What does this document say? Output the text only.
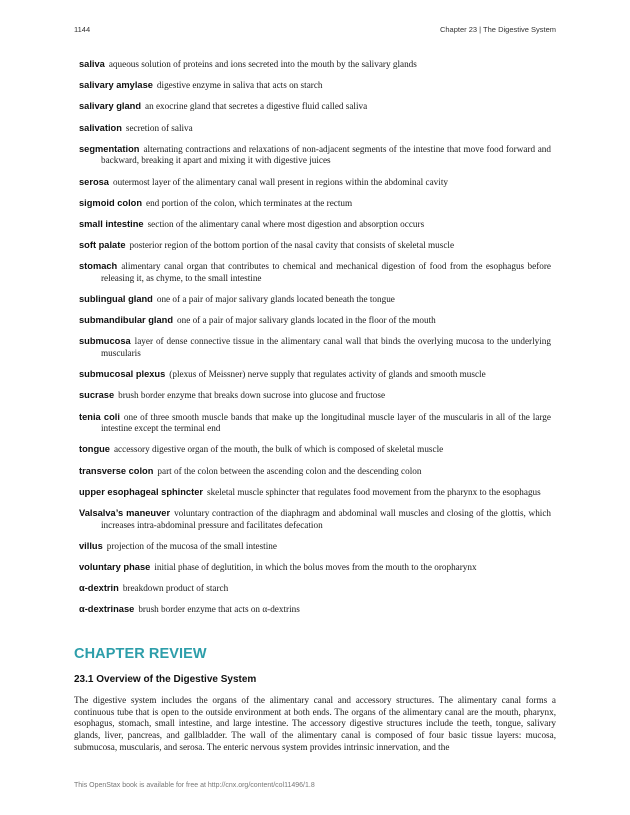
1144	Chapter 23 | The Digestive System

saliva aqueous solution of proteins and ions secreted into the mouth by the salivary glands

salivary amylase digestive enzyme in saliva that acts on starch

salivary gland an exocrine gland that secretes a digestive fluid called saliva

salivation secretion of saliva

segmentation alternating contractions and relaxations of non-adjacent segments of the intestine that move food forward and backward, breaking it apart and mixing it with digestive juices

serosa outermost layer of the alimentary canal wall present in regions within the abdominal cavity

sigmoid colon end portion of the colon, which terminates at the rectum

small intestine section of the alimentary canal where most digestion and absorption occurs

soft palate posterior region of the bottom portion of the nasal cavity that consists of skeletal muscle

stomach alimentary canal organ that contributes to chemical and mechanical digestion of food from the esophagus before releasing it, as chyme, to the small intestine

sublingual gland one of a pair of major salivary glands located beneath the tongue

submandibular gland one of a pair of major salivary glands located in the floor of the mouth

submucosa layer of dense connective tissue in the alimentary canal wall that binds the overlying mucosa to the underlying muscularis

submucosal plexus (plexus of Meissner) nerve supply that regulates activity of glands and smooth muscle

sucrase brush border enzyme that breaks down sucrose into glucose and fructose

tenia coli one of three smooth muscle bands that make up the longitudinal muscle layer of the muscularis in all of the large intestine except the terminal end

tongue accessory digestive organ of the mouth, the bulk of which is composed of skeletal muscle

transverse colon part of the colon between the ascending colon and the descending colon

upper esophageal sphincter skeletal muscle sphincter that regulates food movement from the pharynx to the esophagus

Valsalva’s maneuver voluntary contraction of the diaphragm and abdominal wall muscles and closing of the glottis, which increases intra-abdominal pressure and facilitates defecation

villus projection of the mucosa of the small intestine

voluntary phase initial phase of deglutition, in which the bolus moves from the mouth to the oropharynx

α-dextrin breakdown product of starch

α-dextrinase brush border enzyme that acts on α-dextrins

CHAPTER REVIEW
23.1 Overview of the Digestive System

The digestive system includes the organs of the alimentary canal and accessory structures. The alimentary canal forms a continuous tube that is open to the outside environment at both ends. The organs of the alimentary canal are the mouth, pharynx, esophagus, stomach, small intestine, and large intestine. The accessory digestive structures include the teeth, tongue, salivary glands, liver, pancreas, and gallbladder. The wall of the alimentary canal is composed of four basic tissue layers: mucosa, submucosa, muscularis, and serosa. The enteric nervous system provides intrinsic innervation, and the

This OpenStax book is available for free at http://cnx.org/content/col11496/1.8
